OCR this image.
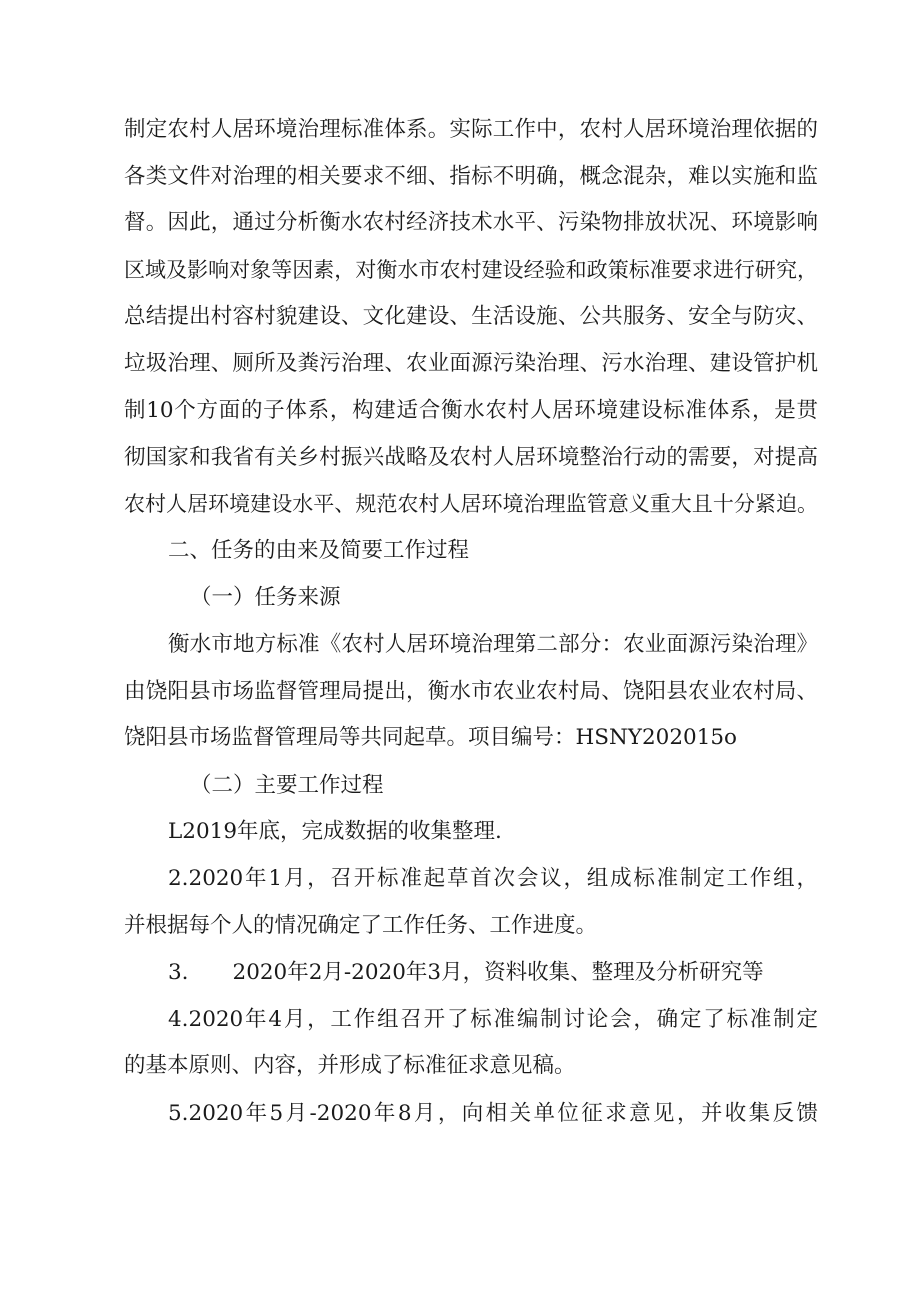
制定农村人居环境治理标准体系。实际工作中，农村人居环境治理依据的
各类文件对治理的相关要求不细、指标不明确，概念混杂，难以实施和监
督。因此，通过分析衡水农村经济技术水平、污染物排放状况、环境影响
区域及影响对象等因素，对衡水市农村建设经验和政策标准要求进行研究，
总结提出村容村貌建设、文化建设、生活设施、公共服务、安全与防灾、
垃圾治理、厕所及粪污治理、农业面源污染治理、污水治理、建设管护机
制10个方面的子体系，构建适合衡水农村人居环境建设标准体系，是贯
彻国家和我省有关乡村振兴战略及农村人居环境整治行动的需要，对提高
农村人居环境建设水平、规范农村人居环境治理监管意义重大且十分紧迫。
二、任务的由来及简要工作过程
（一）任务来源
衡水市地方标准《农村人居环境治理第二部分：农业面源污染治理》
由饶阳县市场监督管理局提出，衡水市农业农村局、饶阳县农业农村局、
饶阳县市场监督管理局等共同起草。项目编号：HSNY202015o
（二）主要工作过程
L2019年底，完成数据的收集整理.
2.2020年1月，召开标准起草首次会议，组成标准制定工作组，
并根据每个人的情况确定了工作任务、工作进度。
3. 2020年2月-2020年3月，资料收集、整理及分析研究等
4.2020年4月，工作组召开了标准编制讨论会，确定了标准制定
的基本原则、内容，并形成了标准征求意见稿。
5.2020年5月-2020年8月，向相关单位征求意见，并收集反馈
